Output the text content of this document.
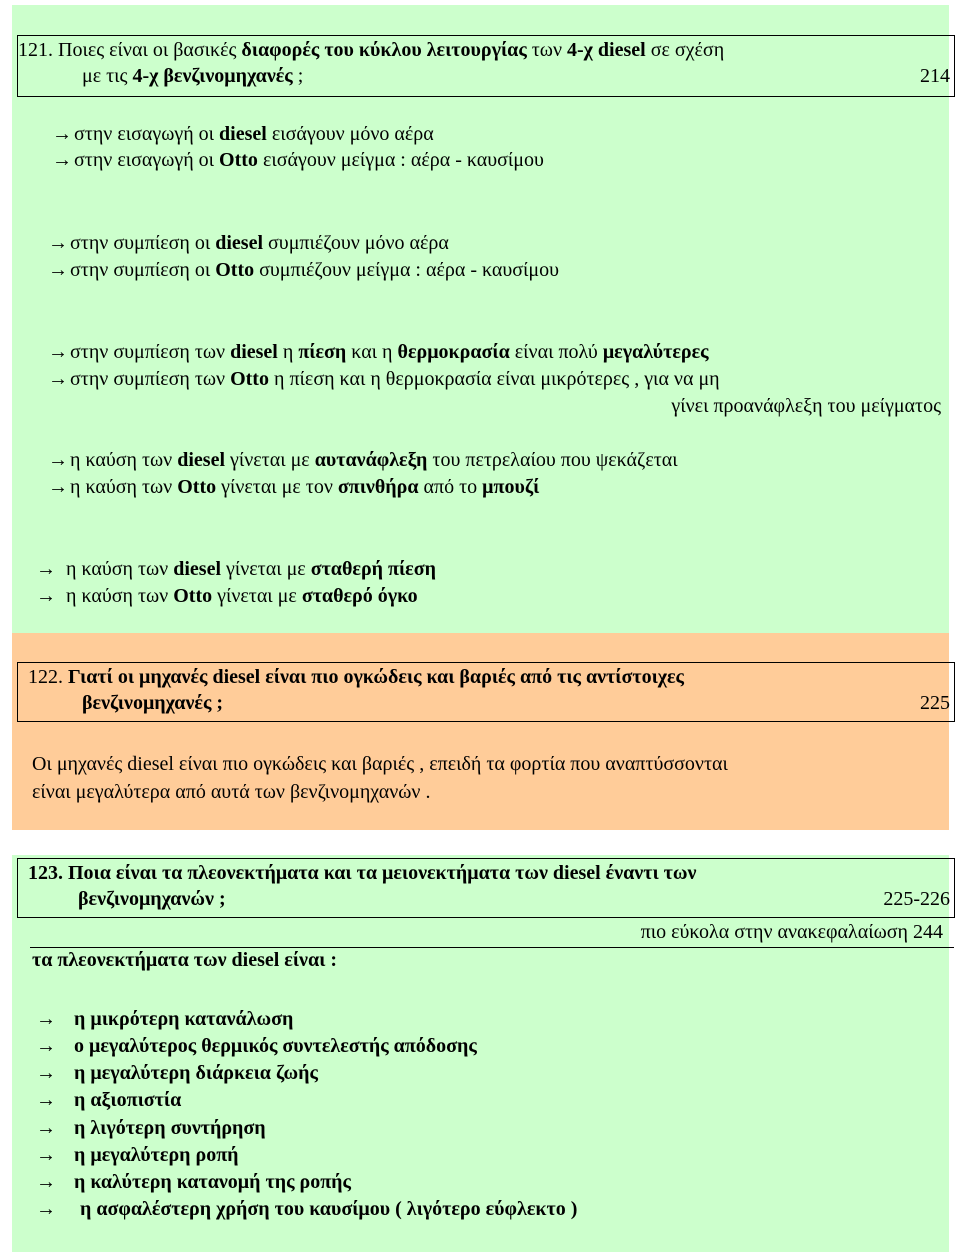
121. Ποιες είναι οι βασικές διαφορές του κύκλου λειτουργίας των 4-χ diesel σε σχέση
με τις 4-χ βενζινομηχανές ;	214
→ στην εισαγωγή οι diesel εισάγουν μόνο αέρα
→ στην εισαγωγή οι Otto εισάγουν μείγμα : αέρα - καυσίμου
→ στην συμπίεση οι diesel συμπιέζουν μόνο αέρα
→ στην συμπίεση οι Otto συμπιέζουν μείγμα : αέρα - καυσίμου
→ στην συμπίεση των diesel η πίεση και η θερμοκρασία είναι πολύ μεγαλύτερες
→ στην συμπίεση των Otto η πίεση και η θερμοκρασία είναι μικρότερες , για να μη
γίνει προανάφλεξη του μείγματος
→ η καύση των diesel γίνεται με αυτανάφλεξη του πετρελαίου που ψεκάζεται
→ η καύση των Otto γίνεται με τον σπινθήρα από το μπουζί
→ η καύση των diesel γίνεται με σταθερή πίεση
→ η καύση των Otto γίνεται με σταθερό όγκο
122. Γιατί οι μηχανές diesel είναι πιο ογκώδεις και βαριές από τις αντίστοιχες
βενζινομηχανές ;	225
Οι μηχανές diesel είναι πιο ογκώδεις και βαριές , επειδή τα φορτία που αναπτύσσονται
είναι μεγαλύτερα από αυτά των βενζινομηχανών .
123. Ποια είναι τα πλεονεκτήματα και τα μειονεκτήματα των diesel έναντι των
βενζινομηχανών ;	225-226
πιο εύκολα στην ανακεφαλαίωση 244
τα πλεονεκτήματα των diesel είναι :
→ η μικρότερη κατανάλωση
→ ο μεγαλύτερος θερμικός συντελεστής απόδοσης
→ η μεγαλύτερη διάρκεια ζωής
→ η αξιοπιστία
→ η λιγότερη συντήρηση
→ η μεγαλύτερη ροπή
→ η καλύτερη κατανομή της ροπής
→ η ασφαλέστερη χρήση του καυσίμου ( λιγότερο εύφλεκτο )
